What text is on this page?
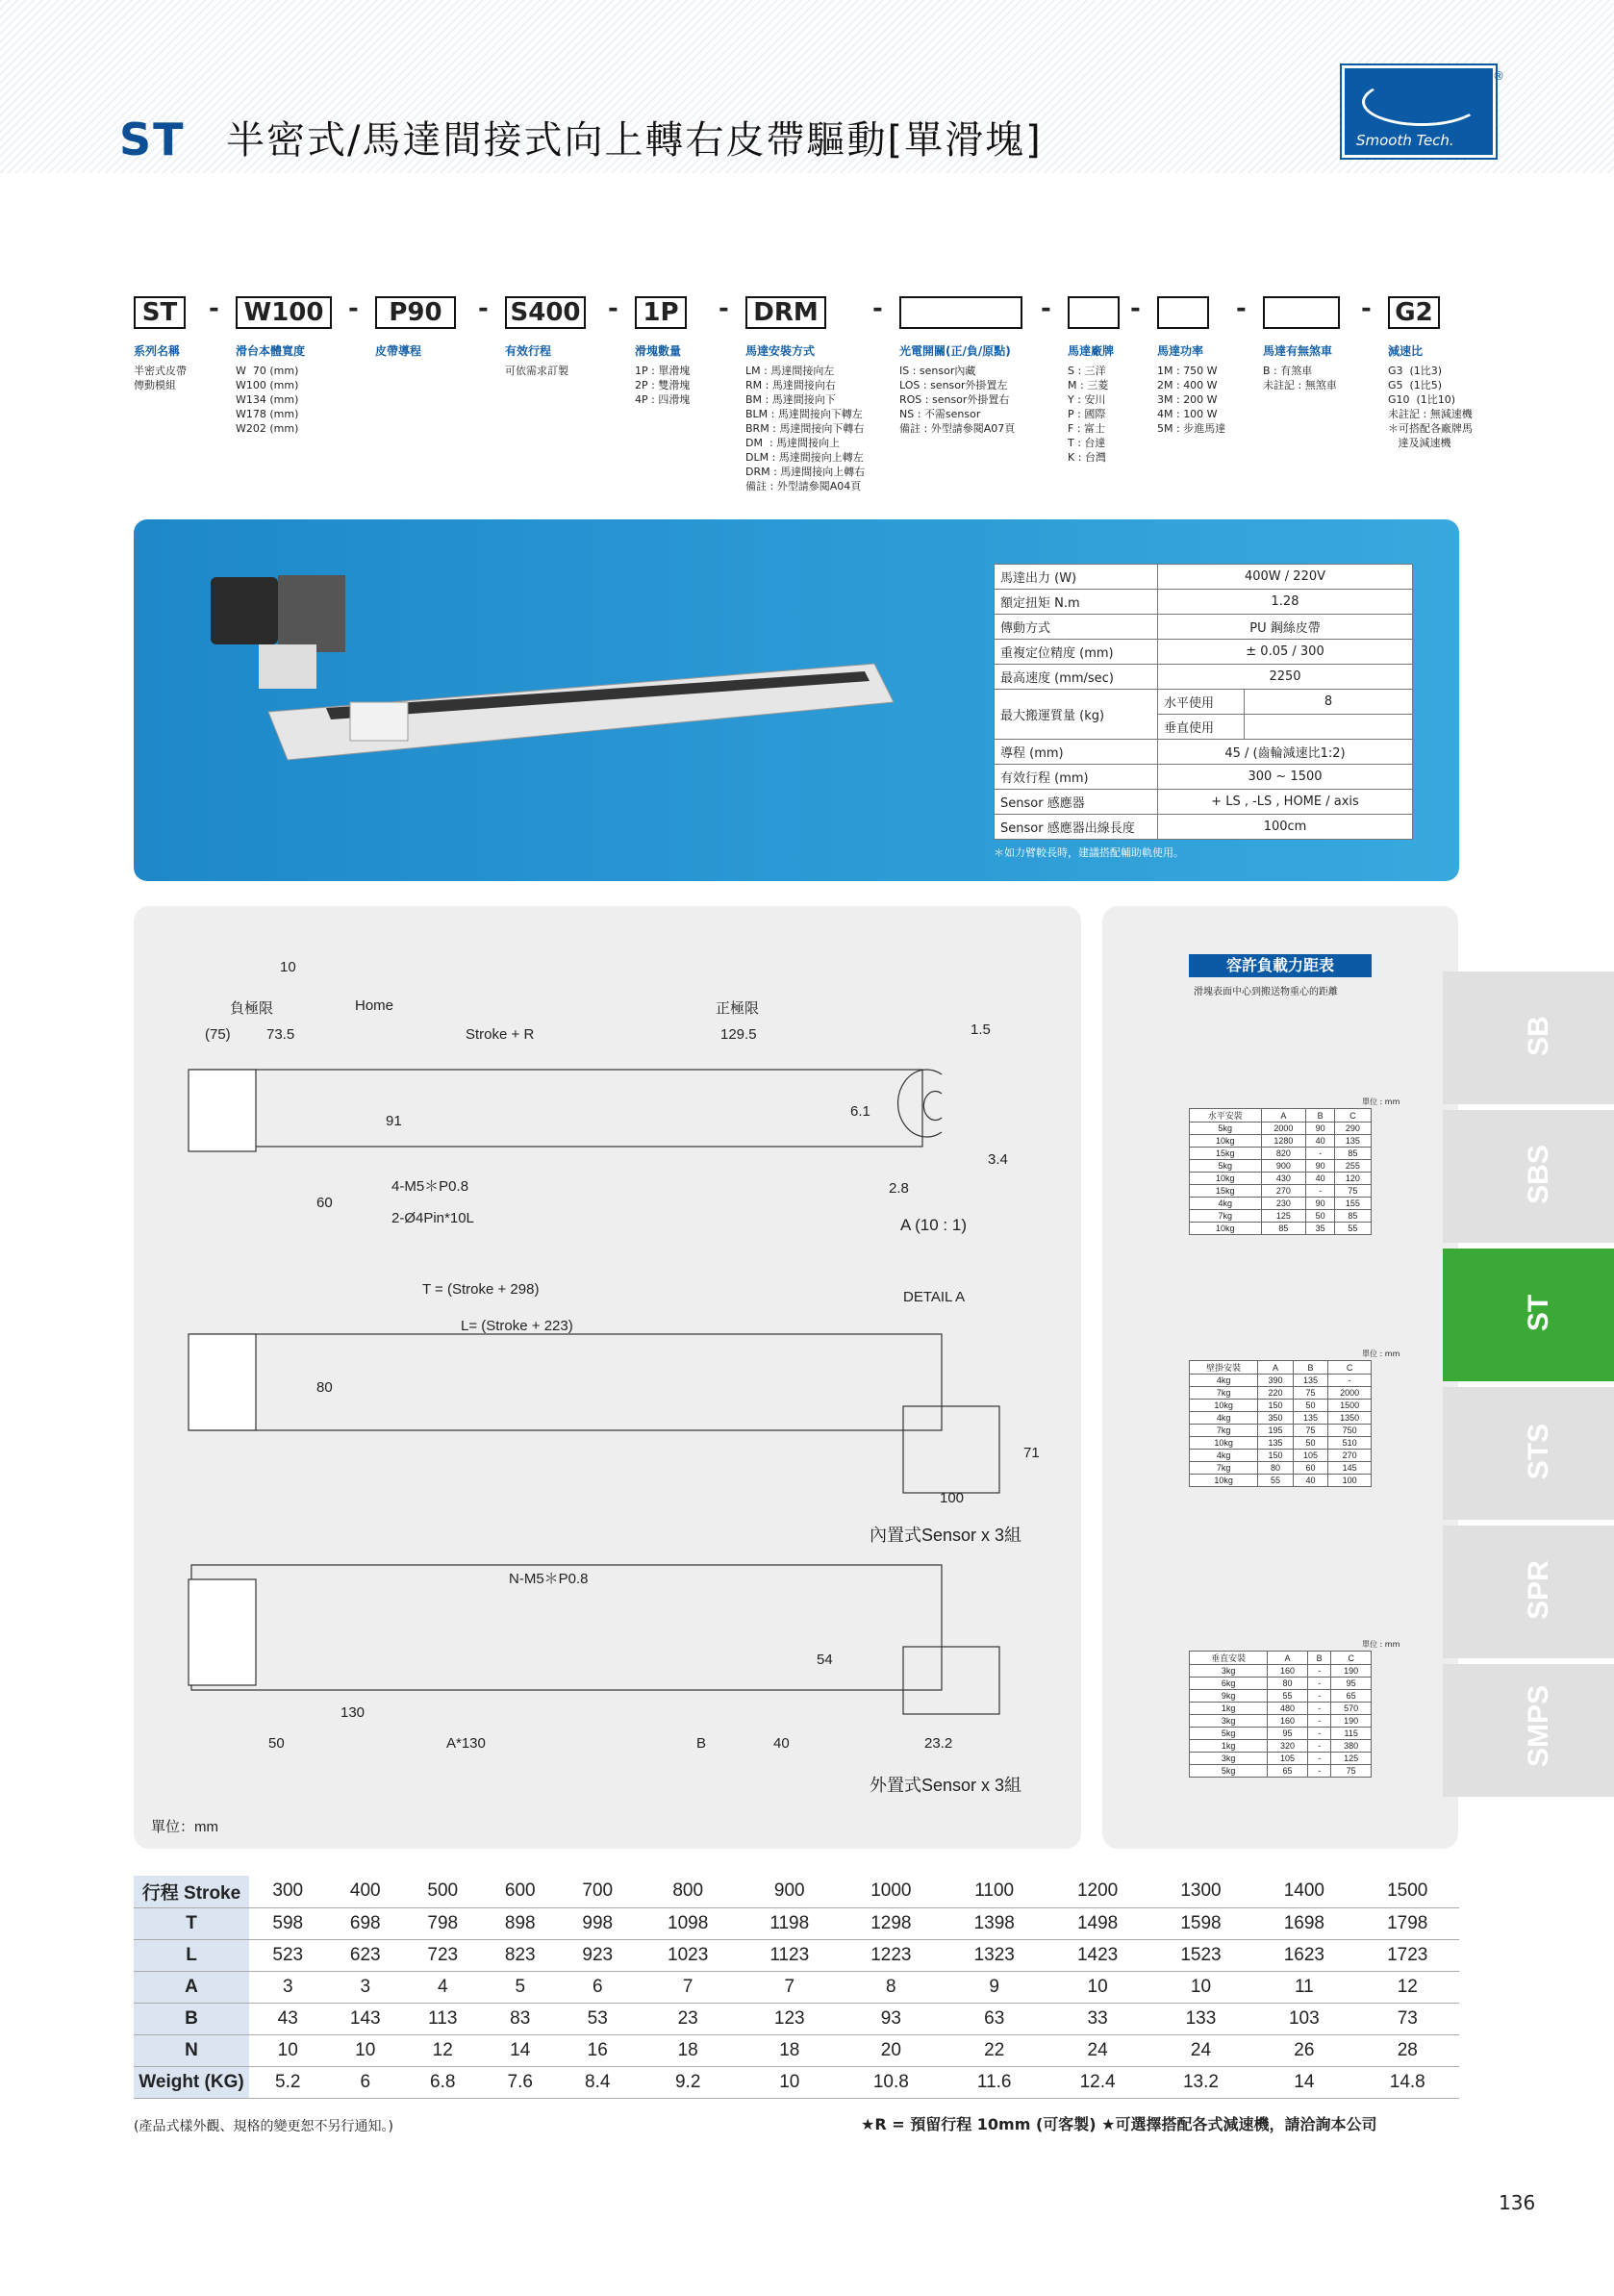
ST 半密式/馬達間接式向上轉右皮帶驅動[單滑塊]	Smooth Tech.
®
ST
系列名稱
半密式皮帶
傳動模組
W100
-
滑台本體寬度
W  70 (mm)
W100 (mm)
W134 (mm)
W178 (mm)
W202 (mm)
P90
-
皮帶導程
S400
-
有效行程
可依需求訂製
1P
-
滑塊數量
1P : 單滑塊
2P : 雙滑塊
4P : 四滑塊
DRM
-
馬達安裝方式
LM : 馬達間接向左
RM : 馬達間接向右
BM : 馬達間接向下
BLM : 馬達間接向下轉左
BRM : 馬達間接向下轉右
DM  : 馬達間接向上
DLM : 馬達間接向上轉左
DRM : 馬達間接向上轉右
備註 : 外型請參閱A04頁
-
光電開關(正/負/原點)
IS : sensor內藏
LOS : sensor外掛置左
ROS : sensor外掛置右
NS : 不需sensor
備註 : 外型請參閱A07頁
-
馬達廠牌
S : 三洋
M : 三菱
Y : 安川
P : 國際
F : 富士
T : 台達
K : 台灣
-
馬達功率
1M : 750 W
2M : 400 W
3M : 200 W
4M : 100 W
5M : 步進馬達
-
馬達有無煞車
B : 有煞車
未註記 : 無煞車
G2
-
減速比
G3  (1比3)
G5  (1比5)
G10  (1比10)
未註記 : 無減速機
＊可搭配各廠牌馬
達及減速機
馬達出力 (W)	400W / 220V	
額定扭矩 N.m	1.28	
傳動方式	PU 鋼絲皮帶	
重複定位精度 (mm)	± 0.05 / 300	
最高速度 (mm/sec)	2250	
最大搬運質量 (kg)	水平使用	8
	垂直使用	
導程 (mm)	45 / (齒輪減速比1:2)	
有效行程 (mm)	300 ~ 1500	
Sensor 感應器	+ LS , -LS , HOME / axis	
Sensor 感應器出線長度	100cm	
＊如力臂較長時，建議搭配輔助軌使用。
10
負極限	Home	正極限
(75) 73.5	Stroke + R	129.5
91
4-M5＊P0.8
60
2-Ø4Pin*10L
1.5
6.1
3.4
2.8
A (10 : 1)
T = (Stroke + 298)
L= (Stroke + 223)
80
DETAIL A
71
100
內置式Sensor x 3組
N-M5＊P0.8
54
130
50	A*130	B	40	23.2
外置式Sensor x 3組
單位：mm
容許負載力距表
滑塊表面中心到搬送物重心的距離
單位 : mm
單位 : mm
單位 : mm
水平安裝	A	B	C
5kg	2000	90	290
10kg	1280	40	135
15kg	820	-	85
5kg	900	90	255
10kg	430	40	120
15kg	270	-	75
4kg	230	90	155
7kg	125	50	85
10kg	85	35	55
壁掛安裝	A	B	C
4kg	390	135	-
7kg	220	75	2000
10kg	150	50	1500
4kg	350	135	1350
7kg	195	75	750
10kg	135	50	510
4kg	150	105	270
7kg	80	60	145
10kg	55	40	100
垂直安裝	A	B	C
3kg	160	-	190
6kg	80	-	95
9kg	55	-	65
1kg	480	-	570
3kg	160	-	190
5kg	95	-	115
1kg	320	-	380
3kg	105	-	125
5kg	65	-	75
SB
SBS
ST
STS
SPR
SMPS
行程 Stroke	300	400	500	600	700	800	900	1000	1100	1200	1300	1400	1500
T	598	698	798	898	998	1098	1198	1298	1398	1498	1598	1698	1798
L	523	623	723	823	923	1023	1123	1223	1323	1423	1523	1623	1723
A	3	3	4	5	6	7	7	8	9	10	10	11	12
B	43	143	113	83	53	23	123	93	63	33	133	103	73
N	10	10	12	14	16	18	18	20	22	24	24	26	28
Weight (KG)	5.2	6	6.8	7.6	8.4	9.2	10	10.8	11.6	12.4	13.2	14	14.8
(產品式樣外觀、規格的變更恕不另行通知。)	★R = 預留行程 10mm (可客製) ★可選擇搭配各式減速機，請洽詢本公司
136
